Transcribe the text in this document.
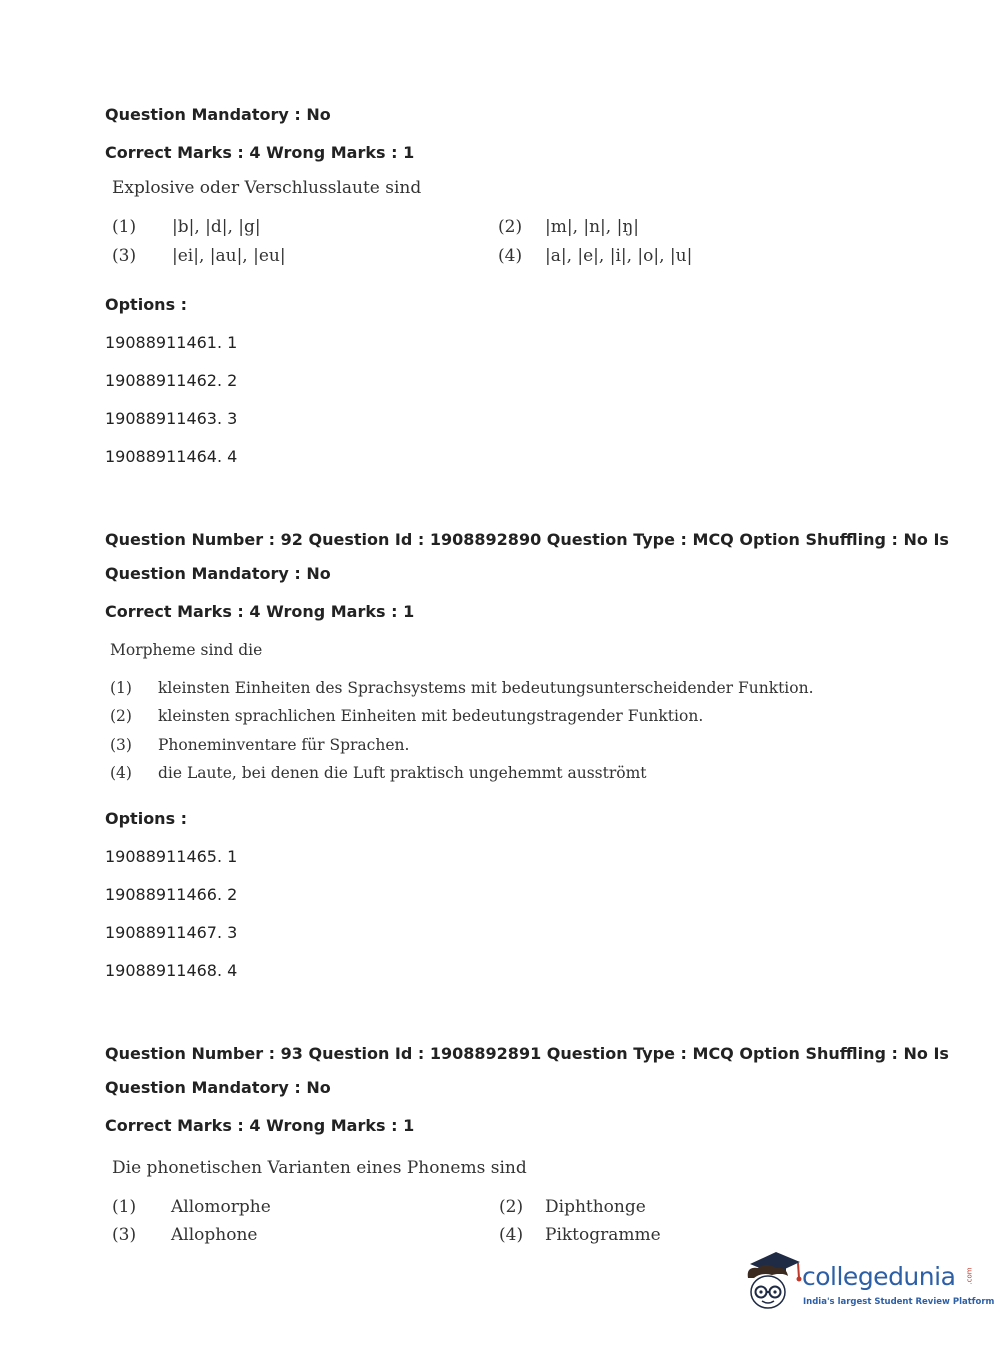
Question Mandatory : No
Correct Marks : 4 Wrong Marks : 1
Explosive oder Verschlusslaute sind
(1) |b|, |d|, |g|	(2) |m|, |n|, |ŋ|
(3) |ei|, |au|, |eu|	(4) |a|, |e|, |i|, |o|, |u|
Options :
19088911461. 1
19088911462. 2
19088911463. 3
19088911464. 4
Question Number : 92 Question Id : 1908892890 Question Type : MCQ Option Shuffling : No Is
Question Mandatory : No
Correct Marks : 4 Wrong Marks : 1
Morpheme sind die
(1) kleinsten Einheiten des Sprachsystems mit bedeutungsunterscheidender Funktion.
(2) kleinsten sprachlichen Einheiten mit bedeutungstragender Funktion.
(3) Phoneminventare für Sprachen.
(4) die Laute, bei denen die Luft praktisch ungehemmt ausströmt
Options :
19088911465. 1
19088911466. 2
19088911467. 3
19088911468. 4
Question Number : 93 Question Id : 1908892891 Question Type : MCQ Option Shuffling : No Is
Question Mandatory : No
Correct Marks : 4 Wrong Marks : 1
Die phonetischen Varianten eines Phonems sind
(1) Allomorphe	(2) Diphthonge
(3) Allophone	(4) Piktogramme
collegedunia .com
India's largest Student Review Platform
